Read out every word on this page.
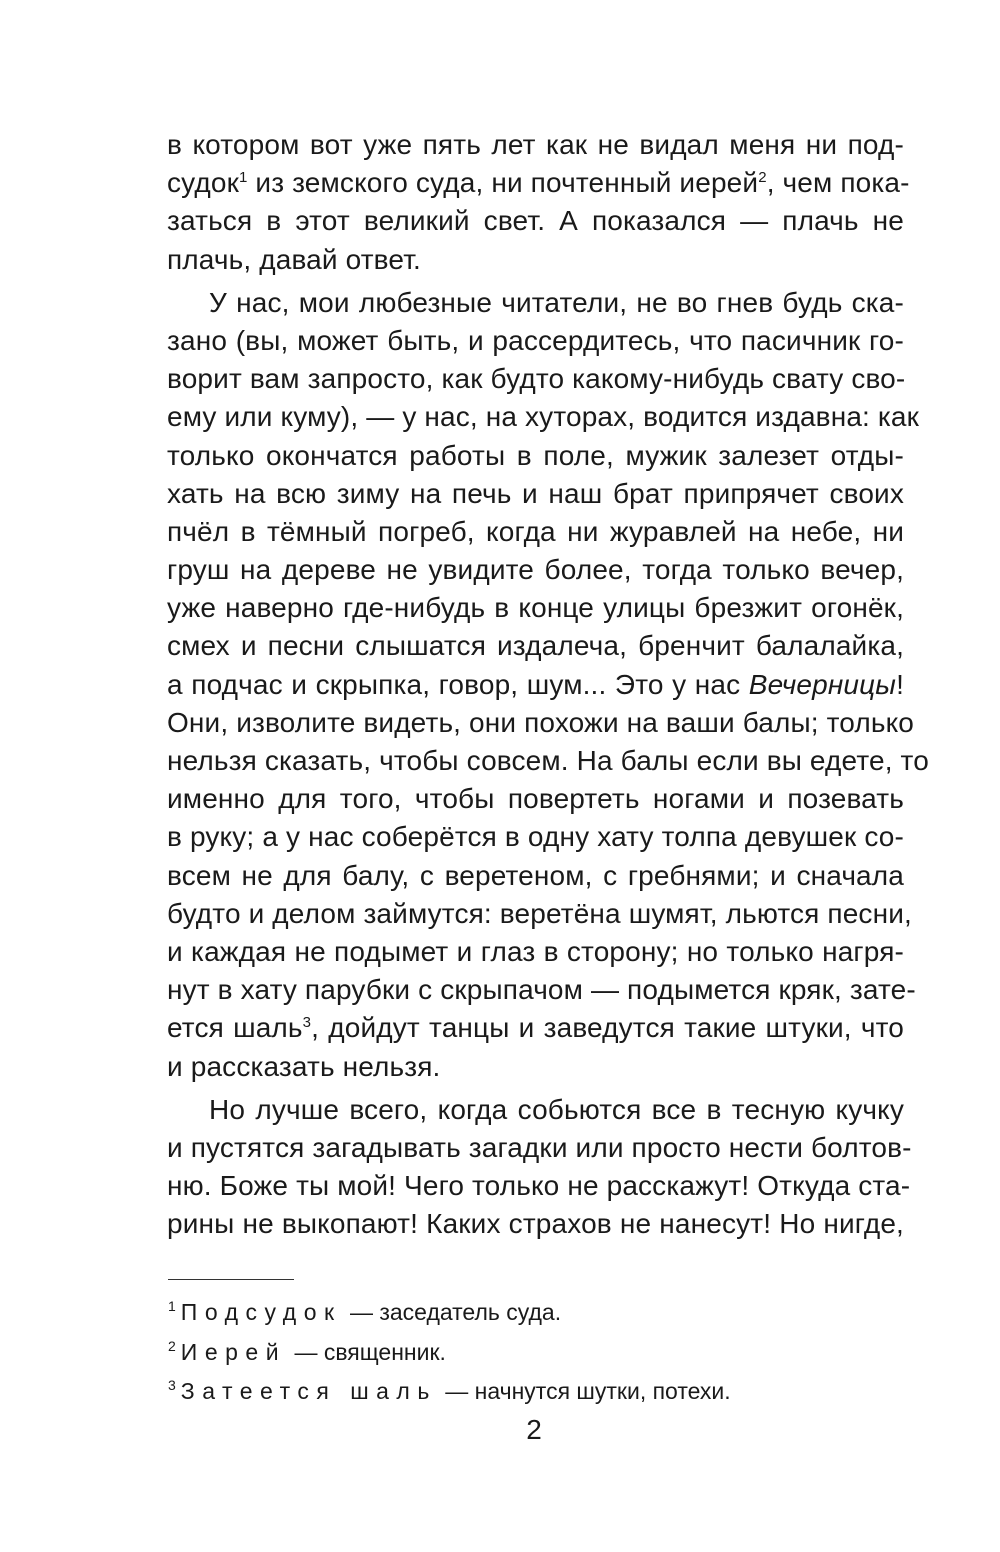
в котором вот уже пять лет как не видал меня ни под-
судок$^1$ из земского суда, ни почтенный иерей$^2$, чем пока-
заться в этот великий свет. А показался — плачь не
плачь, давай ответ.
У нас, мои любезные читатели, не во гнев будь ска-
зано (вы, может быть, и рассердитесь, что пасичник го-
ворит вам запросто, как будто какому-нибудь свату сво-
ему или куму), — у нас, на хуторах, водится издавна: как
только окончатся работы в поле, мужик залезет отды-
хать на всю зиму на печь и наш брат припрячет своих
пчёл в тёмный погреб, когда ни журавлей на небе, ни
груш на дереве не увидите более, тогда только вечер,
уже наверно где-нибудь в конце улицы брезжит огонёк,
смех и песни слышатся издалеча, бренчит балалайка,
а подчас и скрыпка, говор, шум... Это у нас Вечерницы!
Они, изволите видеть, они похожи на ваши балы; только
нельзя сказать, чтобы совсем. На балы если вы едете, то
именно для того, чтобы повертеть ногами и позевать
в руку; а у нас соберётся в одну хату толпа девушек со-
всем не для балу, с веретеном, с гребнями; и сначала
будто и делом займутся: веретёна шумят, льются песни,
и каждая не подымет и глаз в сторону; но только нагря-
нут в хату парубки с скрыпачом — подымется кряк, зате-
ется шаль$^3$, дойдут танцы и заведутся такие штуки, что
и рассказать нельзя.
Но лучше всего, когда собьются все в тесную кучку
и пустятся загадывать загадки или просто нести болтов-
ню. Боже ты мой! Чего только не расскажут! Откуда ста-
рины не выкопают! Каких страхов не нанесут! Но нигде,
$^1$ Подсудок — заседатель суда.
$^2$ Иерей — священник.
$^3$ Затеется шаль — начнутся шутки, потехи.
2
